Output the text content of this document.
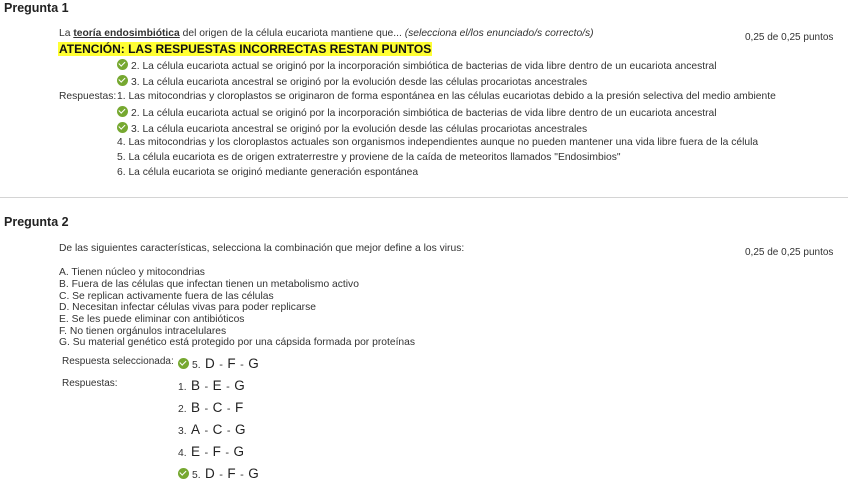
Pregunta 1
La teoría endosimbiótica del origen de la célula eucariota mantiene que... (selecciona el/los enunciado/s correcto/s)	0,25 de 0,25 puntos
ATENCIÓN: LAS RESPUESTAS INCORRECTAS RESTAN PUNTOS
2. La célula eucariota actual se originó por la incorporación simbiótica de bacterias de vida libre dentro de un eucariota ancestral
3. La célula eucariota ancestral se originó por la evolución desde las células procariotas ancestrales
Respuestas: 1. Las mitocondrias y cloroplastos se originaron de forma espontánea en las células eucariotas debido a la presión selectiva del medio ambiente
2. La célula eucariota actual se originó por la incorporación simbiótica de bacterias de vida libre dentro de un eucariota ancestral
3. La célula eucariota ancestral se originó por la evolución desde las células procariotas ancestrales
4. Las mitocondrias y los cloroplastos actuales son organismos independientes aunque no pueden mantener una vida libre fuera de la célula
5. La célula eucariota es de origen extraterrestre y proviene de la caída de meteoritos llamados "Endosimbios"
6. La célula eucariota se originó mediante generación espontánea
Pregunta 2
De las siguientes características, selecciona la combinación que mejor define a los virus:	0,25 de 0,25 puntos
A. Tienen núcleo y mitocondrias
B. Fuera de las células que infectan tienen un metabolismo activo
C. Se replican activamente fuera de las células
D. Necesitan infectar células vivas para poder replicarse
E. Se les puede eliminar con antibióticos
F. No tienen orgánulos intracelulares
G. Su material genético está protegido por una cápsida formada por proteínas
Respuesta seleccionada:	5. D - F - G
Respuestas:	1. B - E - G
2. B - C - F
3. A - C - G
4. E - F - G
5. D - F - G
